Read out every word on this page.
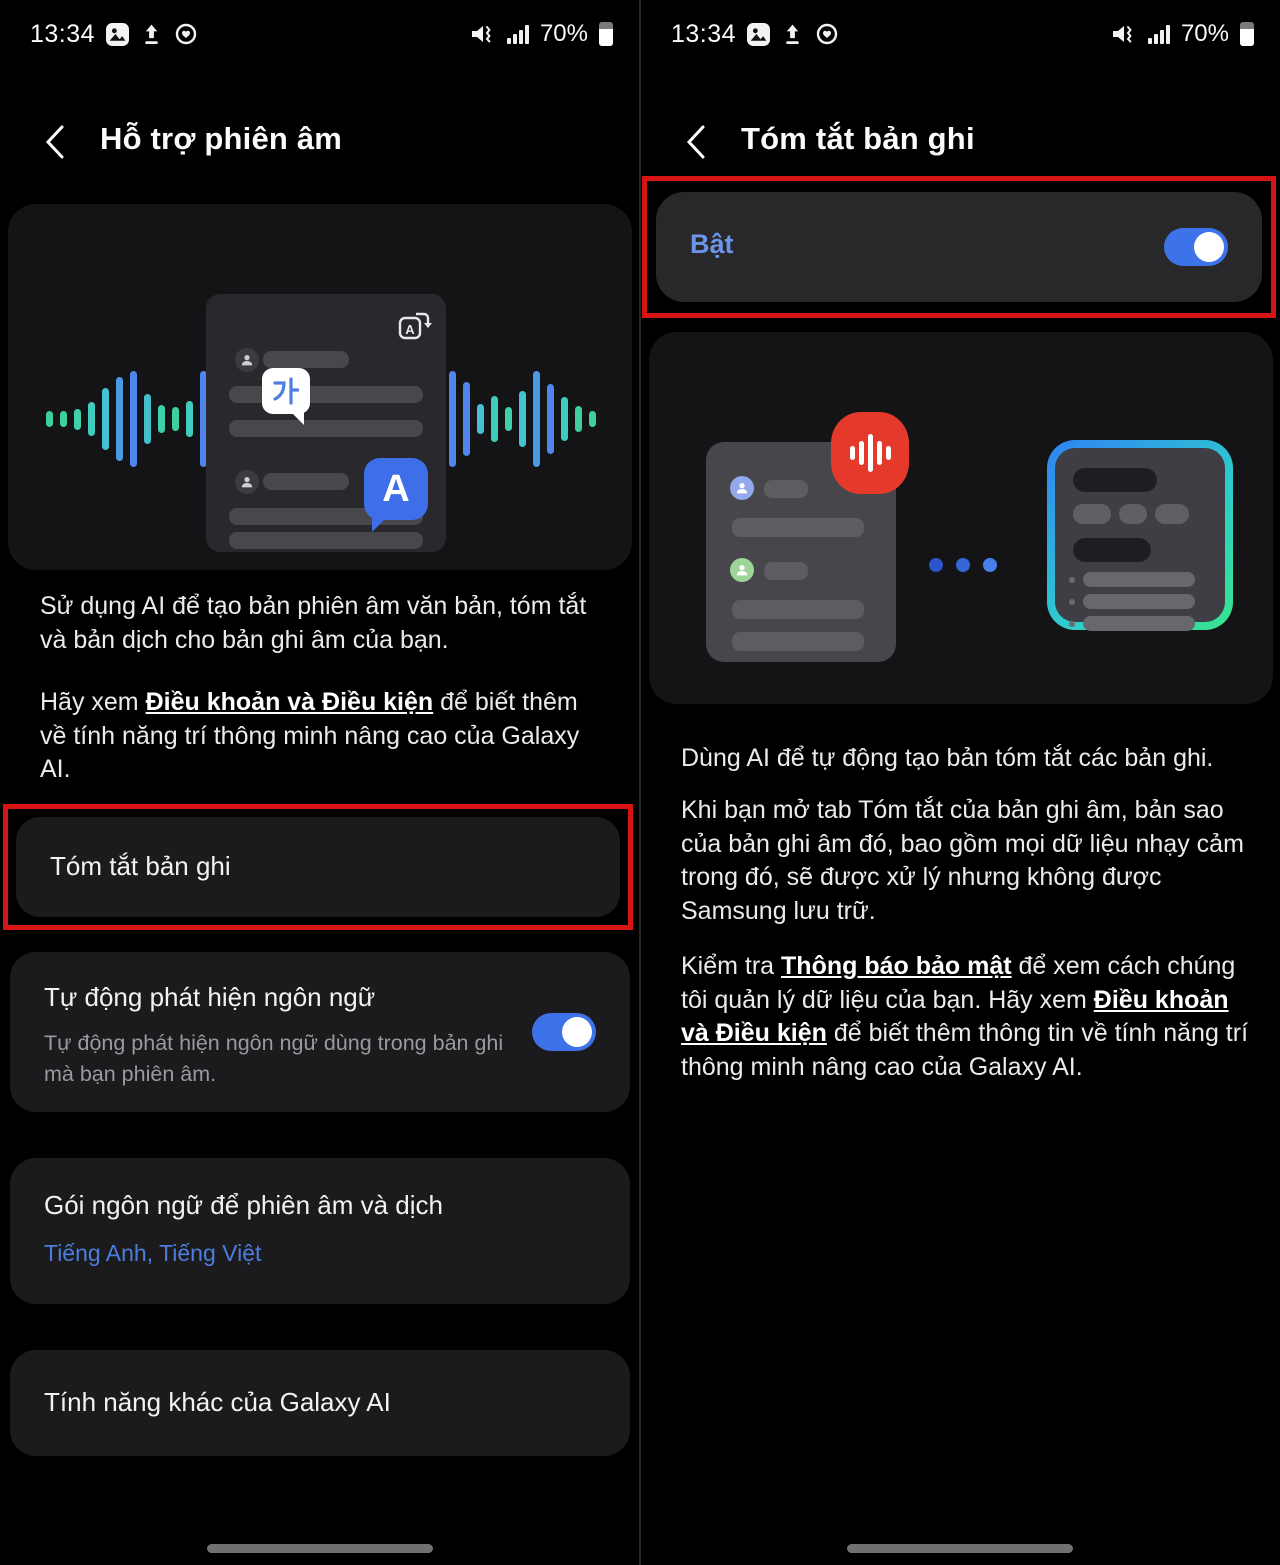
13:34	70%
Hỗ trợ phiên âm
A
A
Sử dụng AI để tạo bản phiên âm văn bản, tóm tắt và bản dịch cho bản ghi âm của bạn.
Hãy xem Điều khoản và Điều kiện để biết thêm về tính năng trí thông minh nâng cao của Galaxy AI.
Tóm tắt bản ghi
Tự động phát hiện ngôn ngữ
Tự động phát hiện ngôn ngữ dùng trong bản ghi mà bạn phiên âm.
Gói ngôn ngữ để phiên âm và dịch
Tiếng Anh, Tiếng Việt
Tính năng khác của Galaxy AI
13:34	70%
Tóm tắt bản ghi
Bật
Dùng AI để tự động tạo bản tóm tắt các bản ghi.
Khi bạn mở tab Tóm tắt của bản ghi âm, bản sao của bản ghi âm đó, bao gồm mọi dữ liệu nhạy cảm trong đó, sẽ được xử lý nhưng không được Samsung lưu trữ.
Kiểm tra Thông báo bảo mật để xem cách chúng tôi quản lý dữ liệu của bạn. Hãy xem Điều khoản và Điều kiện để biết thêm thông tin về tính năng trí thông minh nâng cao của Galaxy AI.
